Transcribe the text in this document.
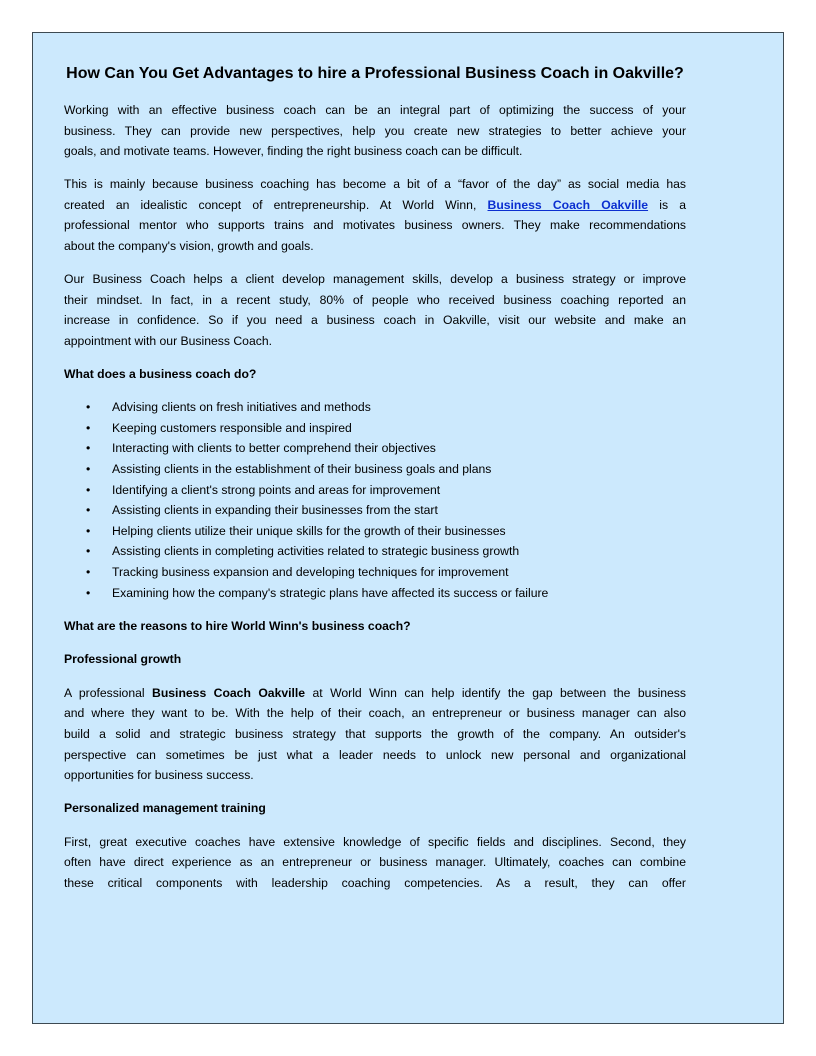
How Can You Get Advantages to hire a Professional Business Coach in Oakville?
Working with an effective business coach can be an integral part of optimizing the success of your
business. They can provide new perspectives, help you create new strategies to better achieve your
goals, and motivate teams. However, finding the right business coach can be difficult.
This is mainly because business coaching has become a bit of a “favor of the day” as social media has
created an idealistic concept of entrepreneurship. At World Winn, Business Coach Oakville is a
professional mentor who supports trains and motivates business owners. They make recommendations
about the company's vision, growth and goals.
Our Business Coach helps a client develop management skills, develop a business strategy or improve
their mindset. In fact, in a recent study, 80% of people who received business coaching reported an
increase in confidence. So if you need a business coach in Oakville, visit our website and make an
appointment with our Business Coach.
What does a business coach do?
• Advising clients on fresh initiatives and methods
• Keeping customers responsible and inspired
• Interacting with clients to better comprehend their objectives
• Assisting clients in the establishment of their business goals and plans
• Identifying a client's strong points and areas for improvement
• Assisting clients in expanding their businesses from the start
• Helping clients utilize their unique skills for the growth of their businesses
• Assisting clients in completing activities related to strategic business growth
• Tracking business expansion and developing techniques for improvement
• Examining how the company's strategic plans have affected its success or failure
What are the reasons to hire World Winn's business coach?
Professional growth
A professional Business Coach Oakville at World Winn can help identify the gap between the business
and where they want to be. With the help of their coach, an entrepreneur or business manager can also
build a solid and strategic business strategy that supports the growth of the company. An outsider's
perspective can sometimes be just what a leader needs to unlock new personal and organizational
opportunities for business success.
Personalized management training
First, great executive coaches have extensive knowledge of specific fields and disciplines. Second, they
often have direct experience as an entrepreneur or business manager. Ultimately, coaches can combine
these critical components with leadership coaching competencies. As a result, they can offer
